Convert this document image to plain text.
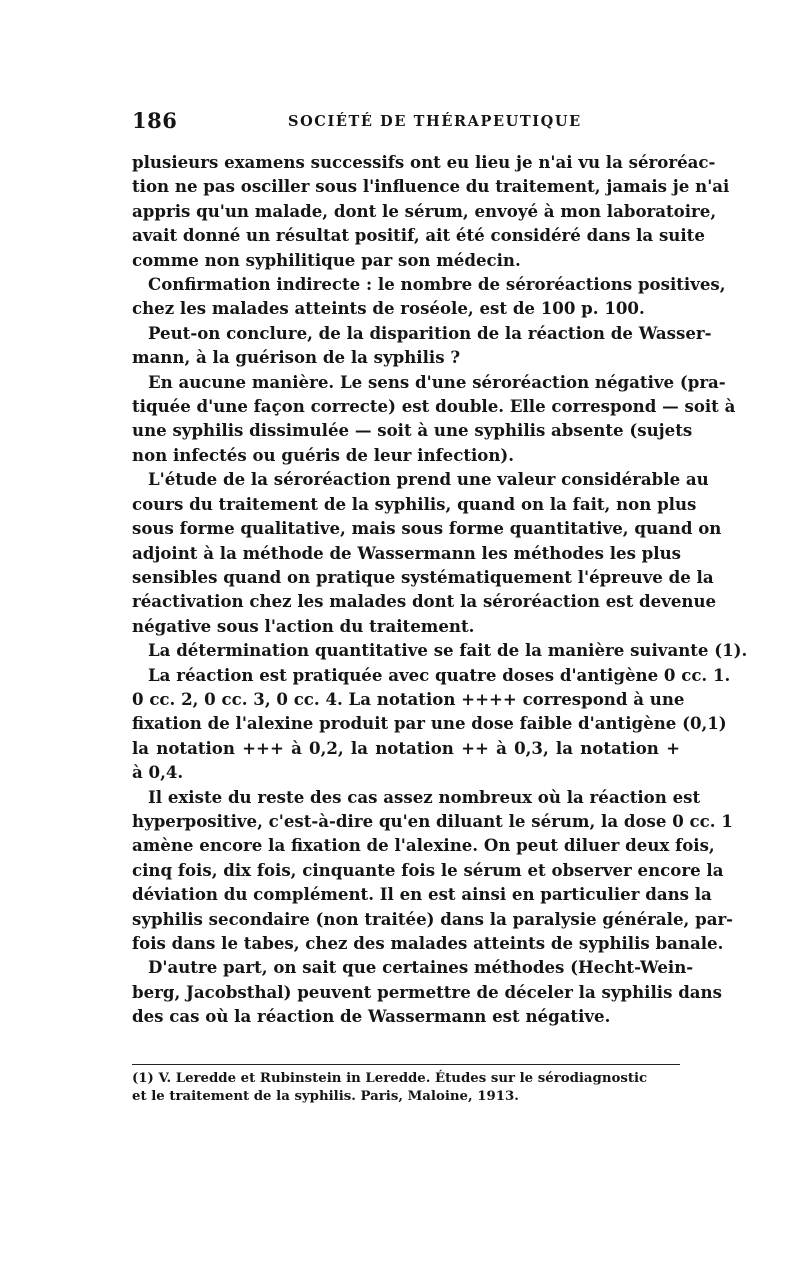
186	SOCIÉTÉ DE THÉRAPEUTIQUE
plusieurs examens successifs ont eu lieu je n'ai vu la séroréac-
tion ne pas osciller sous l'influence du traitement, jamais je n'ai
appris qu'un malade, dont le sérum, envoyé à mon laboratoire,
avait donné un résultat positif, ait été considéré dans la suite
comme non syphilitique par son médecin.
Confirmation indirecte : le nombre de séroréactions positives,
chez les malades atteints de roséole, est de 100 p. 100.
Peut-on conclure, de la disparition de la réaction de Wasser-
mann, à la guérison de la syphilis ?
En aucune manière. Le sens d'une séroréaction négative (pra-
tiquée d'une façon correcte) est double. Elle correspond — soit à
une syphilis dissimulée — soit à une syphilis absente (sujets
non infectés ou guéris de leur infection).
L'étude de la séroréaction prend une valeur considérable au
cours du traitement de la syphilis, quand on la fait, non plus
sous forme qualitative, mais sous forme quantitative, quand on
adjoint à la méthode de Wassermann les méthodes les plus
sensibles quand on pratique systématiquement l'épreuve de la
réactivation chez les malades dont la séroréaction est devenue
négative sous l'action du traitement.
La détermination quantitative se fait de la manière suivante (1).
La réaction est pratiquée avec quatre doses d'antigène 0 cc. 1.
0 cc. 2, 0 cc. 3, 0 cc. 4. La notation ++++ correspond à une
fixation de l'alexine produit par une dose faible d'antigène (0,1)
la notation +++ à 0,2, la notation ++ à 0,3, la notation +
à 0,4.
Il existe du reste des cas assez nombreux où la réaction est
hyperpositive, c'est-à-dire qu'en diluant le sérum, la dose 0 cc. 1
amène encore la fixation de l'alexine. On peut diluer deux fois,
cinq fois, dix fois, cinquante fois le sérum et observer encore la
déviation du complément. Il en est ainsi en particulier dans la
syphilis secondaire (non traitée) dans la paralysie générale, par-
fois dans le tabes, chez des malades atteints de syphilis banale.
D'autre part, on sait que certaines méthodes (Hecht-Wein-
berg, Jacobsthal) peuvent permettre de déceler la syphilis dans
des cas où la réaction de Wassermann est négative.
(1) V. Leredde et Rubinstein in Leredde. Études sur le sérodiagnostic
et le traitement de la syphilis. Paris, Maloine, 1913.
